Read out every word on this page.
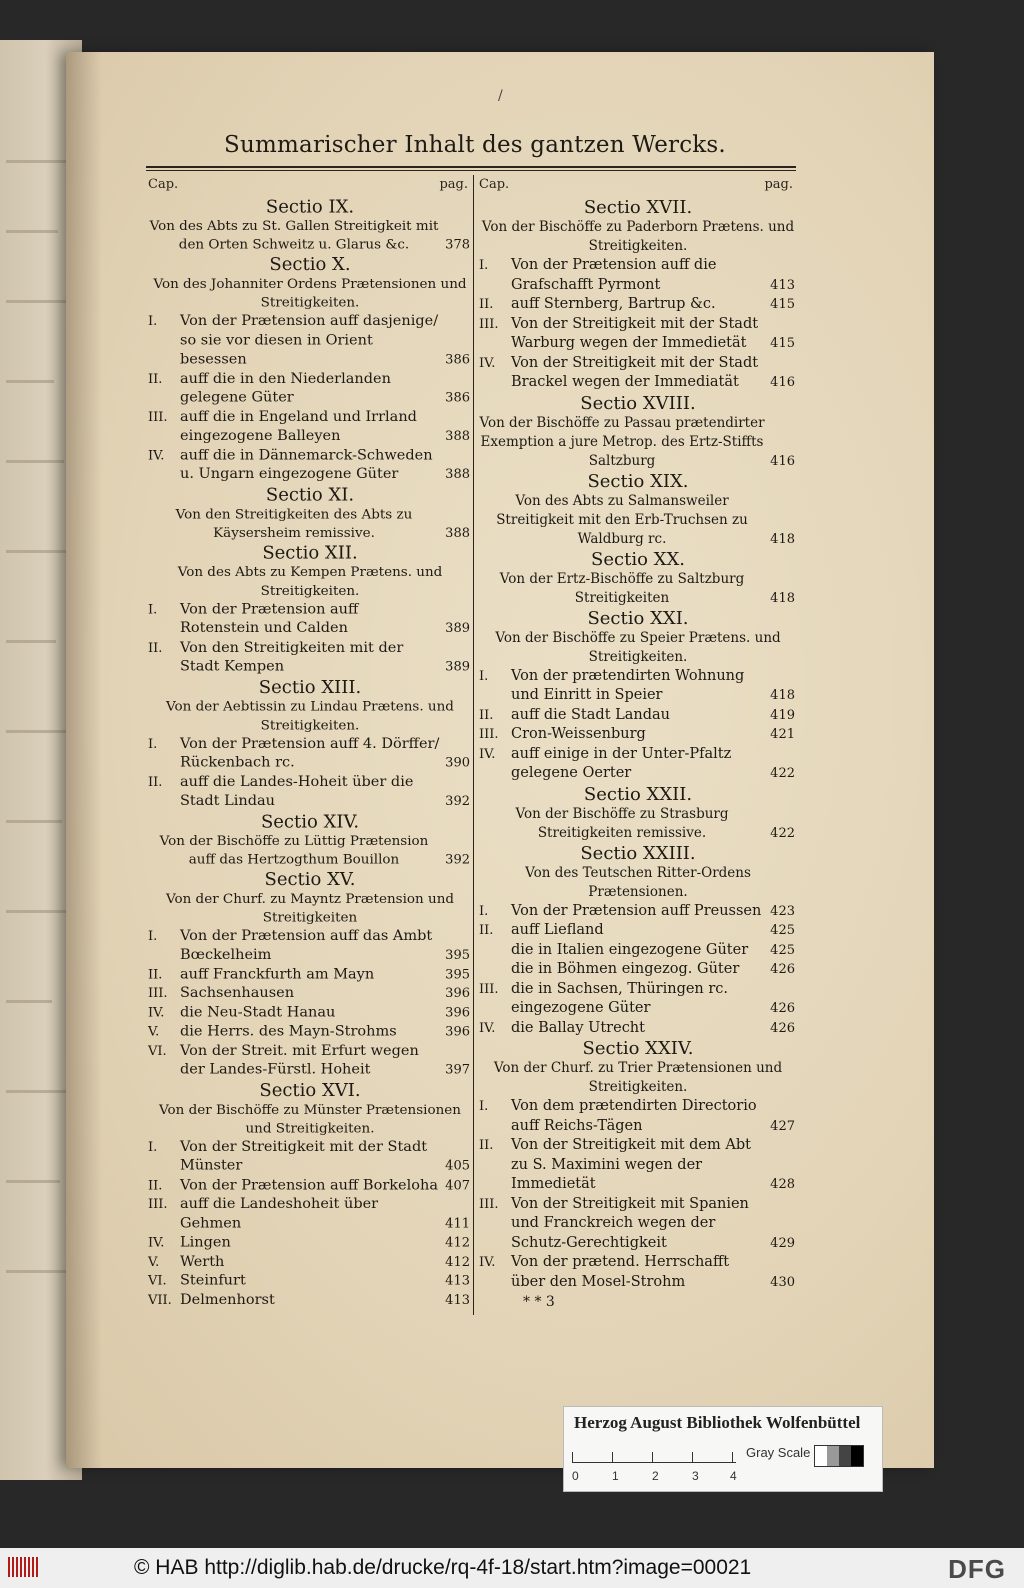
/
Summarischer Inhalt des gantzen Wercks.
Cap.	pag.
Sectio IX.
Von des Abts zu St. Gallen Streitigkeit mit den Orten Schweitz u. Glarus &c.	378
Sectio X.
Von des Johanniter Ordens Prætensionen und Streitigkeiten.
I.	Von der Prætension auff dasjenige/ so sie vor diesen in Orient besessen	386
II.	auff die in den Niederlanden gelegene Güter	386
III. auff die in Engeland und Irrland eingezogene Balleyen	388
IV.	auff die in Dännemarck-Schweden u. Ungarn eingezogene Güter	388
Sectio XI.
Von den Streitigkeiten des Abts zu Käysersheim remissive.	388
Sectio XII.
Von des Abts zu Kempen Prætens. und Streitigkeiten.
I.	Von der Prætension auff Rotenstein und Calden	389
II.	Von den Streitigkeiten mit der Stadt Kempen	389
Sectio XIII.
Von der Aebtissin zu Lindau Prætens. und Streitigkeiten.
I.	Von der Prætension auff 4. Dörffer/ Rückenbach rc.	390
II.	auff die Landes-Hoheit über die Stadt Lindau	392
Sectio XIV.
Von der Bischöffe zu Lüttig Prætension auff das Hertzogthum Bouillon	392
Sectio XV.
Von der Churf. zu Mayntz Prætension und Streitigkeiten
I.	Von der Prætension auff das Ambt Bœckelheim	395
II.	auff Franckfurth am Mayn	395
III. Sachsenhausen	396
IV.	die Neu-Stadt Hanau	396
V.	die Herrs. des Mayn-Strohms	396
VI. Von der Streit. mit Erfurt wegen der Landes-Fürstl. Hoheit	397
Sectio XVI.
Von der Bischöffe zu Münster Prætensionen und Streitigkeiten.
I.	Von der Streitigkeit mit der Stadt Münster	405
II.	Von der Prætension auff Borkeloha 407
III. auff die Landeshoheit über Gehmen	411
IV.	Lingen	412
V.	Werth	412
VI. Steinfurt	413
VII. Delmenhorst	413
Cap.	pag.
Sectio XVII.
Von der Bischöffe zu Paderborn Prætens. und Streitigkeiten.
I.	Von der Prætension auff die Grafschafft Pyrmont	413
II.	auff Sternberg, Bartrup &c.	415
III. Von der Streitigkeit mit der Stadt Warburg wegen der Immedietät	415
IV.	Von der Streitigkeit mit der Stadt Brackel wegen der Immediatät	416
Sectio XVIII.
Von der Bischöffe zu Passau prætendirter Exemption a jure Metrop. des Ertz-Stiffts Saltzburg	416
Sectio XIX.
Von des Abts zu Salmansweiler Streitigkeit mit den Erb-Truchsen zu Waldburg rc.	418
Sectio XX.
Von der Ertz-Bischöffe zu Saltzburg Streitigkeiten	418
Sectio XXI.
Von der Bischöffe zu Speier Prætens. und Streitigkeiten.
I.	Von der prætendirten Wohnung und Einritt in Speier	418
II.	auff die Stadt Landau	419
III. Cron-Weissenburg	421
IV.	auff einige in der Unter-Pfaltz gelegene Oerter	422
Sectio XXII.
Von der Bischöffe zu Strasburg Streitigkeiten remissive.	422
Sectio XXIII.
Von des Teutschen Ritter-Ordens Prætensionen.
I.	Von der Prætension auff Preussen 423
II.	auff Liefland	425
die in Italien eingezogene Güter	425
die in Böhmen eingezog. Güter	426
III. die in Sachsen, Thüringen rc. eingezogene Güter	426
IV.	die Ballay Utrecht	426
Sectio XXIV.
Von der Churf. zu Trier Prætensionen und Streitigkeiten.
I.	Von dem prætendirten Directorio auff Reichs-Tägen	427
II.	Von der Streitigkeit mit dem Abt zu S. Maximini wegen der Immedietät	428
III. Von der Streitigkeit mit Spanien und Franckreich wegen der Schutz-Gerechtigkeit	429
IV.	Von der prætend. Herrschafft über den Mosel-Strohm	430
* * 3
Herzog August Bibliothek Wolfenbüttel
0	1	2	3	4
Gray Scale
© HAB http://diglib.hab.de/drucke/rq-4f-18/start.htm?image=00021	DFG
